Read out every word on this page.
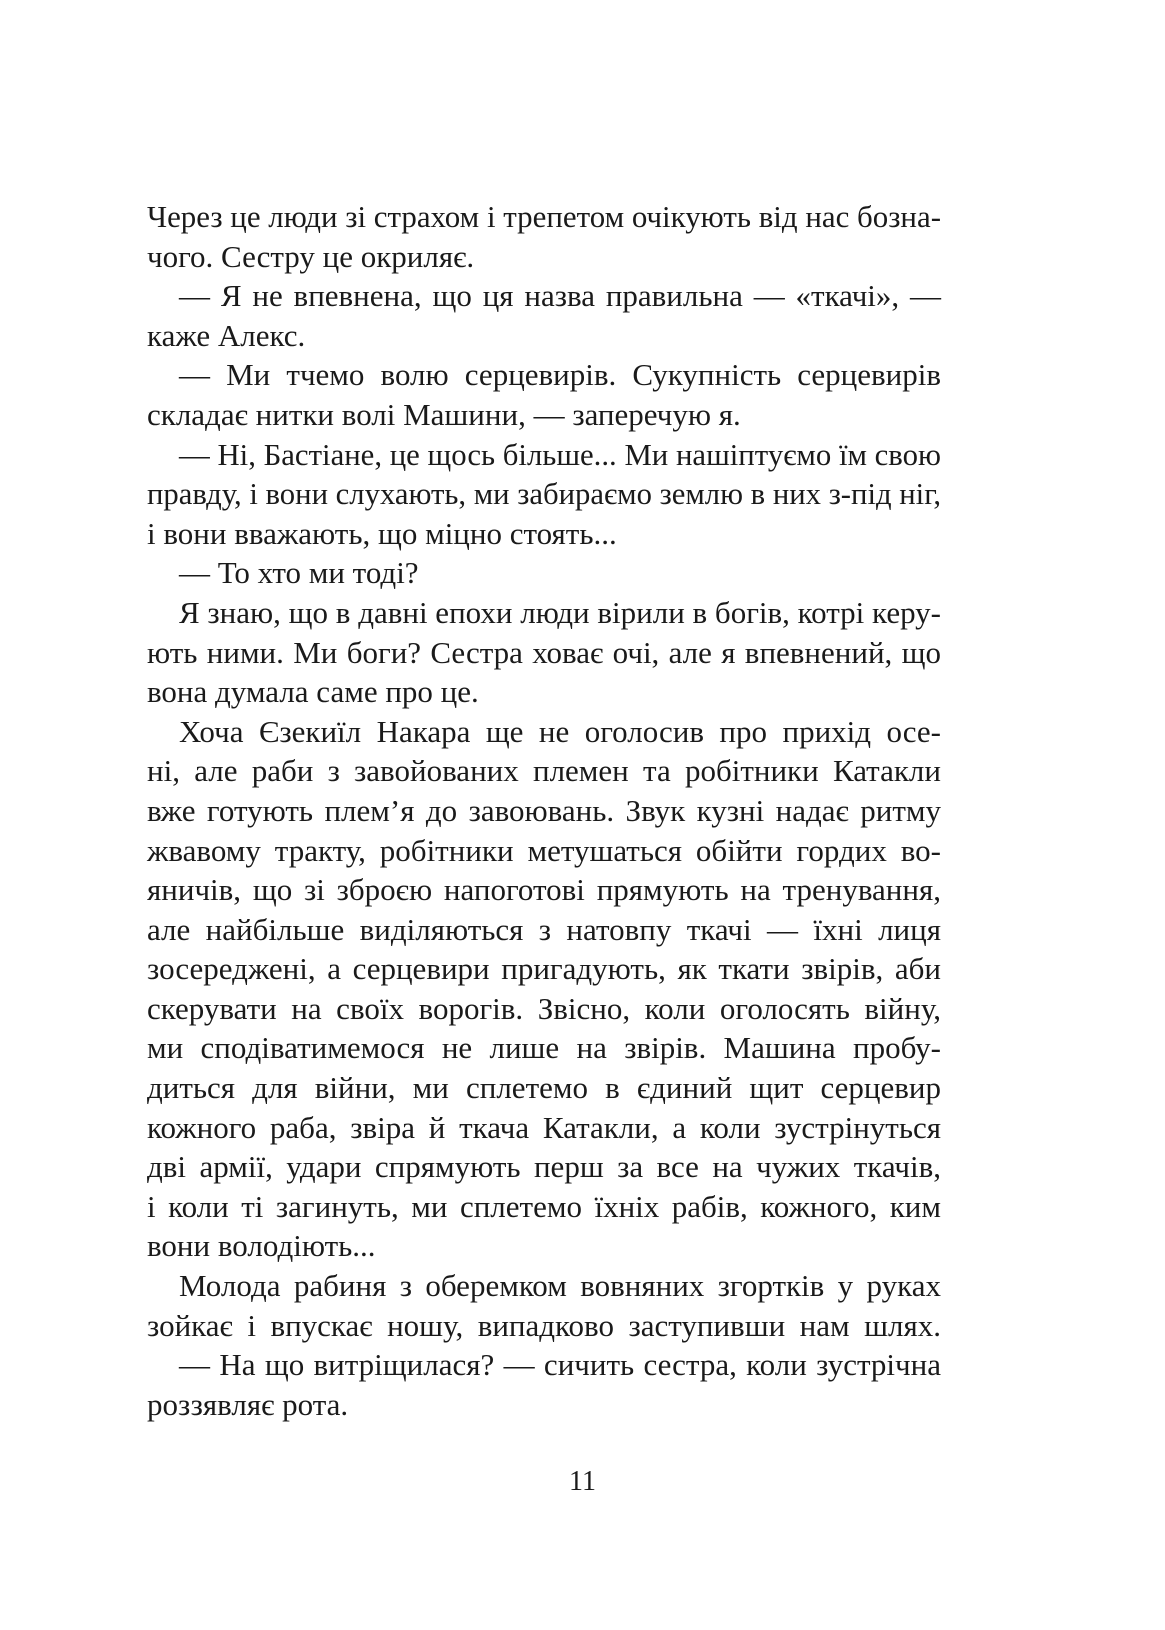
Через це люди зі страхом і трепетом очікують від нас бозна-
чого. Сестру це окриляє.
— Я не впевнена, що ця назва правильна — «ткачі», —
каже Алекс.
— Ми тчемо волю серцевирів. Сукупність серцевирів
складає нитки волі Машини, — заперечую я.
— Ні, Бастіане, це щось більше... Ми нашіптуємо їм свою
правду, і вони слухають, ми забираємо землю в них з-під ніг,
і вони вважають, що міцно стоять...
— То хто ми тоді?
Я знаю, що в давні епохи люди вірили в богів, котрі керу-
ють ними. Ми боги? Сестра ховає очі, але я впевнений, що
вона думала саме про це.
Хоча Єзекиїл Накара ще не оголосив про прихід осе-
ні, але раби з завойованих племен та робітники Катакли
вже готують плем’я до завоювань. Звук кузні надає ритму
жвавому тракту, робітники метушаться обійти гордих во-
яничів, що зі зброєю напоготові прямують на тренування,
але найбільше виділяються з натовпу ткачі — їхні лиця
зосереджені, а серцевири пригадують, як ткати звірів, аби
скерувати на своїх ворогів. Звісно, коли оголосять війну,
ми сподіватимемося не лише на звірів. Машина пробу-
диться для війни, ми сплетемо в єдиний щит серцевир
кожного раба, звіра й ткача Катакли, а коли зустрінуться
дві армії, удари спрямують перш за все на чужих ткачів,
і коли ті загинуть, ми сплетемо їхніх рабів, кожного, ким
вони володіють...
Молода рабиня з оберемком вовняних згортків у руках
зойкає і впускає ношу, випадково заступивши нам шлях.
— На що витріщилася? — сичить сестра, коли зустрічна
роззявляє рота.
11
